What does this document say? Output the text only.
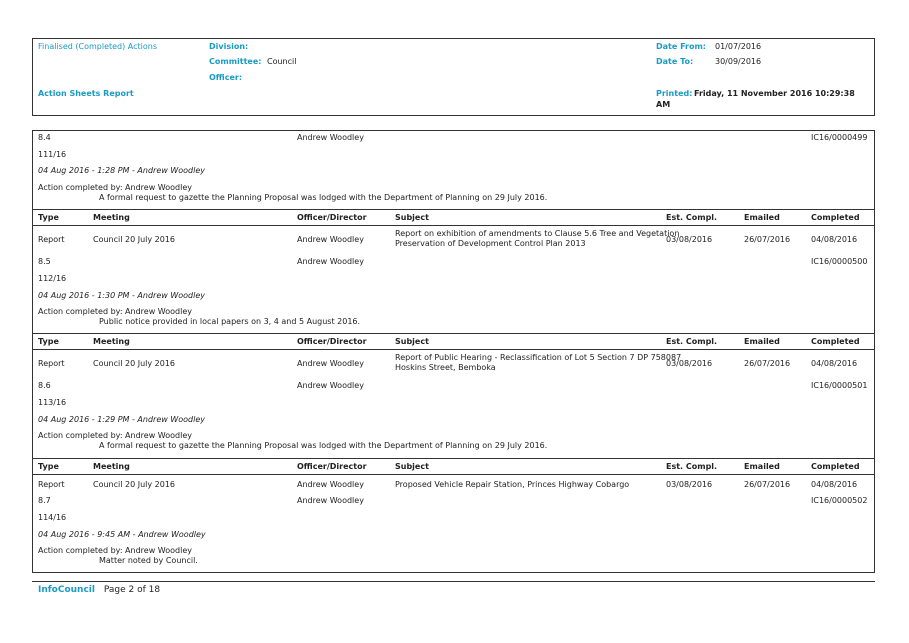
Finalised (Completed) Actions
Action Sheets Report
Division:
Committee: Council
Officer:
Date From: 01/07/2016
Date To:	30/09/2016
Printed: Friday, 11 November 2016 10:29:38
AM
8.4	Andrew Woodley	IC16/0000499
111/16
04 Aug 2016 - 1:28 PM - Andrew Woodley
Action completed by: Andrew Woodley
A formal request to gazette the Planning Proposal was lodged with the Department of Planning on 29 July 2016.
Type	Meeting	Officer/Director	Subject	Est. Compl.	Emailed	Completed
Report	Council 20 July 2016	Andrew Woodley
Report on exhibition of amendments to Clause 5.6 Tree and Vegetation
Preservation of Development Control Plan 2013	03/08/2016	26/07/2016	04/08/2016
8.5	Andrew Woodley	IC16/0000500
112/16
04 Aug 2016 - 1:30 PM - Andrew Woodley
Action completed by: Andrew Woodley
Public notice provided in local papers on 3, 4 and 5 August 2016.
Type	Meeting	Officer/Director	Subject	Est. Compl.	Emailed	Completed
Report	Council 20 July 2016	Andrew Woodley
Report of Public Hearing - Reclassification of Lot 5 Section 7 DP 758087
Hoskins Street, Bemboka	03/08/2016	26/07/2016	04/08/2016
8.6	Andrew Woodley	IC16/0000501
113/16
04 Aug 2016 - 1:29 PM - Andrew Woodley
Action completed by: Andrew Woodley
A formal request to gazette the Planning Proposal was lodged with the Department of Planning on 29 July 2016.
Type	Meeting	Officer/Director	Subject	Est. Compl.	Emailed	Completed
Report	Council 20 July 2016	Andrew Woodley	Proposed Vehicle Repair Station, Princes Highway Cobargo	03/08/2016	26/07/2016	04/08/2016
8.7	Andrew Woodley	IC16/0000502
114/16
04 Aug 2016 - 9:45 AM - Andrew Woodley
Action completed by: Andrew Woodley
Matter noted by Council.
InfoCouncil Page 2 of 18
